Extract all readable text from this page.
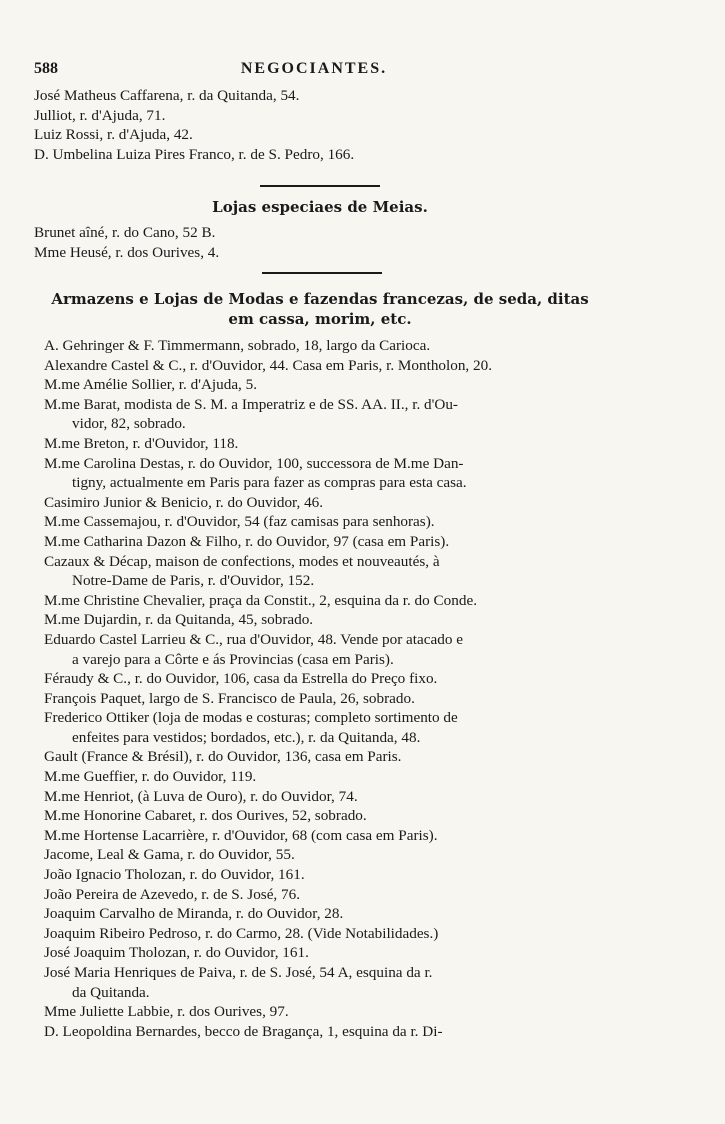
588	NEGOCIANTES.
José Matheus Caffarena, r. da Quitanda, 54.
Julliot, r. d'Ajuda, 71.
Luiz Rossi, r. d'Ajuda, 42.
D. Umbelina Luiza Pires Franco, r. de S. Pedro, 166.
Lojas especiaes de Meias.
Brunet aîné, r. do Cano, 52 B.
Mme Heusé, r. dos Ourives, 4.
Armazens e Lojas de Modas e fazendas francezas, de seda, ditas
em cassa, morim, etc.
A. Gehringer & F. Timmermann, sobrado, 18, largo da Carioca.
Alexandre Castel & C., r. d'Ouvidor, 44. Casa em Paris, r. Montholon, 20.
M.me Amélie Sollier, r. d'Ajuda, 5.
M.me Barat, modista de S. M. a Imperatriz e de SS. AA. II., r. d'Ou-
vidor, 82, sobrado.
M.me Breton, r. d'Ouvidor, 118.
M.me Carolina Destas, r. do Ouvidor, 100, successora de M.me Dan-
tigny, actualmente em Paris para fazer as compras para esta casa.
Casimiro Junior & Benicio, r. do Ouvidor, 46.
M.me Cassemajou, r. d'Ouvidor, 54 (faz camisas para senhoras).
M.me Catharina Dazon & Filho, r. do Ouvidor, 97 (casa em Paris).
Cazaux & Décap, maison de confections, modes et nouveautés, à
Notre-Dame de Paris, r. d'Ouvidor, 152.
M.me Christine Chevalier, praça da Constit., 2, esquina da r. do Conde.
M.me Dujardin, r. da Quitanda, 45, sobrado.
Eduardo Castel Larrieu & C., rua d'Ouvidor, 48. Vende por atacado e
a varejo para a Côrte e ás Provincias (casa em Paris).
Féraudy & C., r. do Ouvidor, 106, casa da Estrella do Preço fixo.
François Paquet, largo de S. Francisco de Paula, 26, sobrado.
Frederico Ottiker (loja de modas e costuras; completo sortimento de
enfeites para vestidos; bordados, etc.), r. da Quitanda, 48.
Gault (France & Brésil), r. do Ouvidor, 136, casa em Paris.
M.me Gueffier, r. do Ouvidor, 119.
M.me Henriot, (à Luva de Ouro), r. do Ouvidor, 74.
M.me Honorine Cabaret, r. dos Ourives, 52, sobrado.
M.me Hortense Lacarrière, r. d'Ouvidor, 68 (com casa em Paris).
Jacome, Leal & Gama, r. do Ouvidor, 55.
João Ignacio Tholozan, r. do Ouvidor, 161.
João Pereira de Azevedo, r. de S. José, 76.
Joaquim Carvalho de Miranda, r. do Ouvidor, 28.
Joaquim Ribeiro Pedroso, r. do Carmo, 28. (Vide Notabilidades.)
José Joaquim Tholozan, r. do Ouvidor, 161.
José Maria Henriques de Paiva, r. de S. José, 54 A, esquina da r.
da Quitanda.
Mme Juliette Labbie, r. dos Ourives, 97.
D. Leopoldina Bernardes, becco de Bragança, 1, esquina da r. Di-
